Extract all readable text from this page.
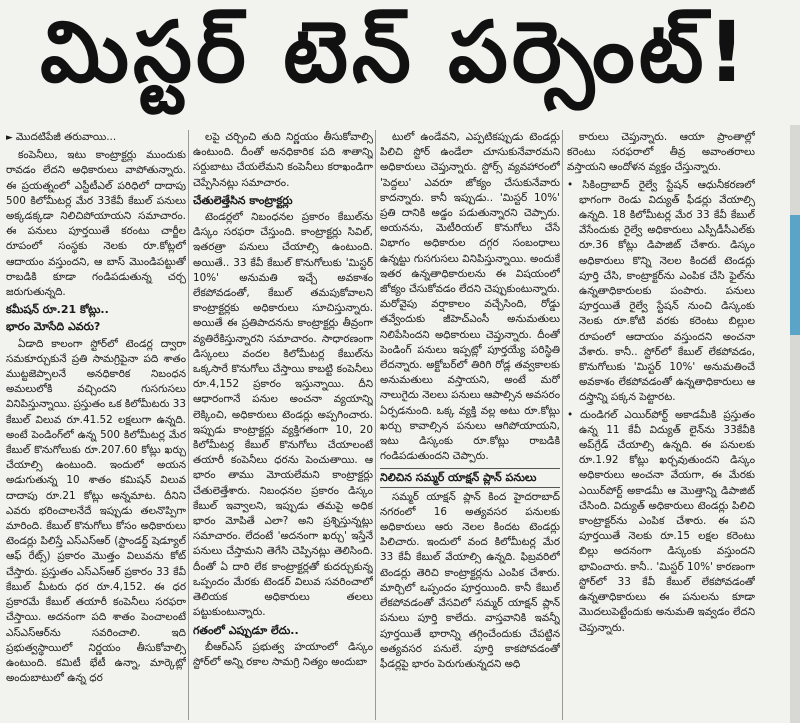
మిస్టర్ టెన్ పర్సెంట్!
► మొదటిపేజీ తరువాయి...

కంపెనీలు, ఇటు కాంట్రాక్టర్లు ముందుకు రావడం లేదని అధికారులు వాపోతున్నారు. ఈ ప్రయత్నంలో ఎస్టీటీఎల్‌ పరిధిలో దాదాపు 500 కిలోమీటర్ల మేర 33కేవీ కేబుల్‌ పనులు అక్కడక్కడా నిలిచిపోయాయని సమాచారం. ఈ పనులు పూర్తయితే కరంటు చార్జీల రూపంలో సంస్థకు నెలకు రూ.కోట్లలో ఆదాయం వస్తుందని, ఆ బాస్‌ మొండిపట్టుతో రాబడికి కూడా గండిపడుతున్న చర్చ జరుగుతున్నది.

కమీషన్‌ రూ.21 కోట్లు..

భారం మోసేది ఎవరు?

ఏడాది కాలంగా స్టోర్‌లో టెండర్ల ద్వారా సమకూర్చుకునే ప్రతి సామగ్రిపైనా పది శాతం ముట్టజెప్పాలనే అనధికారిక నిబంధన అమలులోకి వచ్చిందని గుసగుసలు వినిపిస్తున్నాయి. ప్రస్తుతం ఒక కిలోమీటరు 33 కేబుల్‌ విలువ రూ.41.52 లక్షలుగా ఉన్నది. అంటే పెండింగ్‌లో ఉన్న 500 కిలోమీటర్ల మేర కేబుల్‌ కొనుగోలుకు రూ.207.60 కోట్లు ఖర్చు చేయాల్సి ఉంటుంది. ఇందులో అయన అడుగుతున్న 10 శాతం కమిషన్‌ విలువ దాదాపు రూ.21 కోట్లు అన్నమాట. దీనిని ఎవరు భరించాలనేదే ఇప్పుడు తలనొప్పిగా మారింది. కేబుల్‌ కొనుగోలు కోసం అధికారులు టెండర్లు పిలిస్తే ఎస్‌ఎస్‌ఆర్‌ (స్టాండర్డ్‌ షెడ్యూల్‌ ఆఫ్‌ రేట్స్‌) ప్రకారం మొత్తం విలువను కోట్‌ చేస్తారు. ప్రస్తుతం ఎస్‌ఎస్‌ఆర్‌ ప్రకారం 33 కేవీ కేబుల్‌ మీటరు ధర రూ.4,152. ఈ ధర ప్రకారమే కేబుల్‌ తయారీ కంపెనీలు సరఫరా చేస్తాయి. అదనంగా పది శాతం పెంచాలంటే ఎస్‌ఎస్‌ఆర్‌ను సవరించాలి. ఇది ప్రభుత్వస్థాయిలో నిర్ణయం తీసుకోవాల్సి ఉంటుంది. కమిటీ భేటీ ఉన్నా, మార్కెట్లో అందుబాటులో ఉన్న ధర

లపై చర్చించి తుది నిర్ణయం తీసుకోవాల్సి ఉంటుంది. దీంతో అనధికారిక పది శాతాన్ని సర్దుబాటు చేయలేమని కంపెనీలు కరాఖండిగా చెప్పేసినట్లు సమాచారం.

చేతులెత్తేసిన కాంట్రాక్టర్లు

టెండర్లలో నిబంధనల ప్రకారం కేబుల్‌ను డిస్కం సరఫరా చేస్తుంది. కాంట్రాక్టర్లు సివిల్‌, ఇతరత్రా పనులు చేయాల్సి ఉంటుంది. అయితే.. 33 కేవీ కేబుల్‌ కొనుగోలుకు 'మిస్టర్‌ 10%' అనుమతి ఇచ్చే అవకాశం లేకపోవడంతో, కేబుల్‌ తమపుకోవాలని కాంట్రాక్టర్లకు అధికారులు సూచిస్తున్నారు. అయితే ఈ ప్రతిపాదనను కాంట్రాక్టర్లు తీవ్రంగా వ్యతిరేకిస్తున్నారని సమాచారం. సాధారణంగా డిస్కంలు వందల కిలోమీటర్ల కేబుల్‌ను ఒక్కసారే కొనుగోలు చేస్తాయి కాబట్టి కంపెనీలు రూ.4,152 ప్రకారం ఇస్తున్నాయి. దీని ఆధారంగానే పనుల అంచనా వ్యయాన్ని లెక్కించి, అధికారులు టెండర్లు అప్పగించారు. ఇప్పుడు కాంట్రాక్టర్లు వ్యక్తిగతంగా 10, 20 కిలోమీటర్ల కేబుల్‌ కొనుగోలు చేయాలంటే తయారీ కంపెనీలు ధరను పెంచుతాయి. ఆ భారం తాము మోయలేమని కాంట్రాక్టర్లు చేతులెత్తేశారు. నిబంధనల ప్రకారం డిస్కం కేబుల్‌ ఇవ్వాలని, ఇప్పుడు తమపై అధిక భారం మోపితే ఎలా? అని ప్రశ్నిస్తున్నట్లు సమాచారం. లేదంటే 'అదనంగా ఖర్చు' ఇస్తేనే పనులు చేస్తామని తెగేసి చెప్పినట్లు తెలిసింది. దీంతో ఏ దారి లేక కాంట్రాక్టర్లతో కుదర్చుకున్న ఒప్పందం మేరకు టెండర్‌ విలువ సవరించాలో తెలియక అధికారులు తలలు పట్టుకుంటున్నారు.

గతంలో ఎప్పుడూ లేదు..

బీఆర్‌ఎస్‌ ప్రభుత్వ హయాంలో డిస్కం స్టోర్‌లో అన్ని రకాల సామగ్రి నిత్యం అందుబా

టులో ఉండేవని, ఎప్పటికప్పుడు టెండర్లు పిలిచి స్టోర్‌ ఉండేలా చూసుకునేవారమని అధికారులు చెప్తున్నారు. స్టోర్స్‌ వ్యవహారంలో 'పెద్దలు' ఎవరూ జోక్యం చేసుకునేవారు కాదన్నారు. కానీ ఇప్పుడు.. 'మిస్టర్‌ 10%' ప్రతి దానికి అడ్డం పడుతున్నారని చెప్పారు. అయనను, మెటీరియల్‌ కొనుగోలు చేసే విభాగం అధికారుల దగ్గర సంబంధాలు ఉన్నట్టు గుసగుసలు వినిపిస్తున్నాయి. అందుకే ఇతర ఉన్నతాధికారులను ఈ విషయంలో జోక్యం చేసుకోవడం లేదని చెప్పుకుంటున్నారు. మరోవైపు వర్షాకాలం వచ్చేసింది, రోడ్డు తవ్వేందుకు జీహెచ్‌ఎంసీ అనుమతులు నిలిపేసిందని అధికారులు చెప్తున్నారు. దీంతో పెండింగ్‌ పనులు ఇప్పట్లో పూర్తయ్యే పరిస్థితి లేదన్నారు. అక్టోబర్‌లో తిరిగి రోడ్ల తవ్వకాలకు అనుమతులు వస్తాయని, అంటే మరో నాలుగైదు నెలలు పనులు ఆపాల్సిన అవసరం ఏర్పడనుంది. ఒక్క వ్యక్తి వల్ల అటు రూ.కోట్లు ఖర్చు కావాల్సిన పనులు ఆగిపోయాయని, ఇటు డిస్కంకు రూ.కోట్లు రాబడికి గండిపడుతుందని చెప్పారు.

నిలిచిన సమ్మర్‌ యాక్షన్‌ ప్లాన్‌ పనులు

సమ్మర్‌ యాక్షన్‌ ప్లాన్‌ కింద హైదరాబాద్‌ నగరంలో 16 అత్యవసర పనులకు అధికారులు ఆరు నెలల కిందట టెండర్లు పిలిచారు. ఇందులో వంద కిలోమీటర్ల మేర 33 కేవీ కేబుల్‌ వేయాల్సి ఉన్నది. ఫిబ్రవరిలో టెండర్లు తెరిచి కాంట్రాక్టర్లను ఎంపిక చేశారు. మార్చిలో ఒప్పందం పూర్తయింది. కానీ కేబుల్‌ లేకపోవడంతో వేసవిలో సమ్మర్‌ యాక్షన్‌ ప్లాన్‌ పనులు పూర్తి కాలేదు. వాస్తవానికి ఇవన్నీ పూర్తయితే భారాన్ని తగ్గించేందుకు చేపట్టిన అత్యవసర పనులే. పూర్తి కాకపోవడంతో ఫీడర్లపై భారం పెరుగుతున్నదని అధి

కారులు చెప్తున్నారు. ఆయా ప్రాంతాల్లో కరెంటు సరఫరాలో తీవ్ర అవాంతరాలు వస్తాయని ఆందోళన వ్యక్తం చేస్తున్నారు.

• సికింద్రాబాద్‌ రైల్వే స్టేషన్‌ ఆధునీకరణలో భాగంగా రెండు విద్యుత్‌ ఫీడర్లు వేయాల్సి ఉన్నది. 18 కిలోమీటర్ల మేర 33 కేవీ కేబుల్‌ వేసేందుకు రైల్వే అధికారులు ఎస్పీడీసీఎల్‌కు రూ.36 కోట్లు డిపాజిట్‌ చేశారు. డిస్కం అధికారులు కొన్ని నెలల కిందటే టెండర్లు పూర్తి చేసి, కాంట్రాక్టర్‌ను ఎంపిక చేసి ఫైల్‌ను ఉన్నతాధికారులకు పంపారు. పనులు పూర్తయితే రైల్వే స్టేషన్‌ నుంచి డిస్కంకు నెలకు రూ.కోటి వరకు కరెంటు బిల్లుల రూపంలో ఆదాయం వస్తుందని అంచనా వేశారు. కానీ.. స్టోర్‌లో కేబుల్‌ లేకపోవడం, కొనుగోలుకు 'మిస్టర్‌ 10%' అనుమతించే అవకాశం లేకపోవడంతో ఉన్నతాధికారులు ఆ దస్త్రాన్ని పక్కన పెట్టారట.

• దుండిగల్‌ ఎయిర్‌పోర్ట్‌ అకాడమీకి ప్రస్తుతం ఉన్న 11 కేవీ విద్యుత్‌ లైన్‌ను 33కేవీకి అప్‌గ్రేడ్‌ చేయాల్సి ఉన్నది. ఈ పనులకు రూ.1.92 కోట్లు ఖర్చవుతుందని డిస్కం అధికారులు అంచనా వేయగా, ఈ మేరకు ఎయిర్‌పోర్ట్‌ అకాడమీ ఆ మొత్తాన్ని డిపాజిట్‌ చేసింది. విద్యుత్‌ అధికారులు టెండర్లు పిలిచి కాంట్రాక్టర్‌ను ఎంపిక చేశారు. ఈ పని పూర్తయితే నెలకు రూ.15 లక్షల కరెంటు బిల్లు అదనంగా డిస్కంకు వస్తుందని భావించారు. కానీ.. 'మిస్టర్‌ 10%' కారణంగా స్టోర్‌లో 33 కేవీ కేబుల్‌ లేకపోవడంతో ఉన్నతాధికారులు ఈ పనులను కూడా మొదలుపెట్టేందుకు అనుమతి ఇవ్వడం లేదని చెప్తున్నారు.
